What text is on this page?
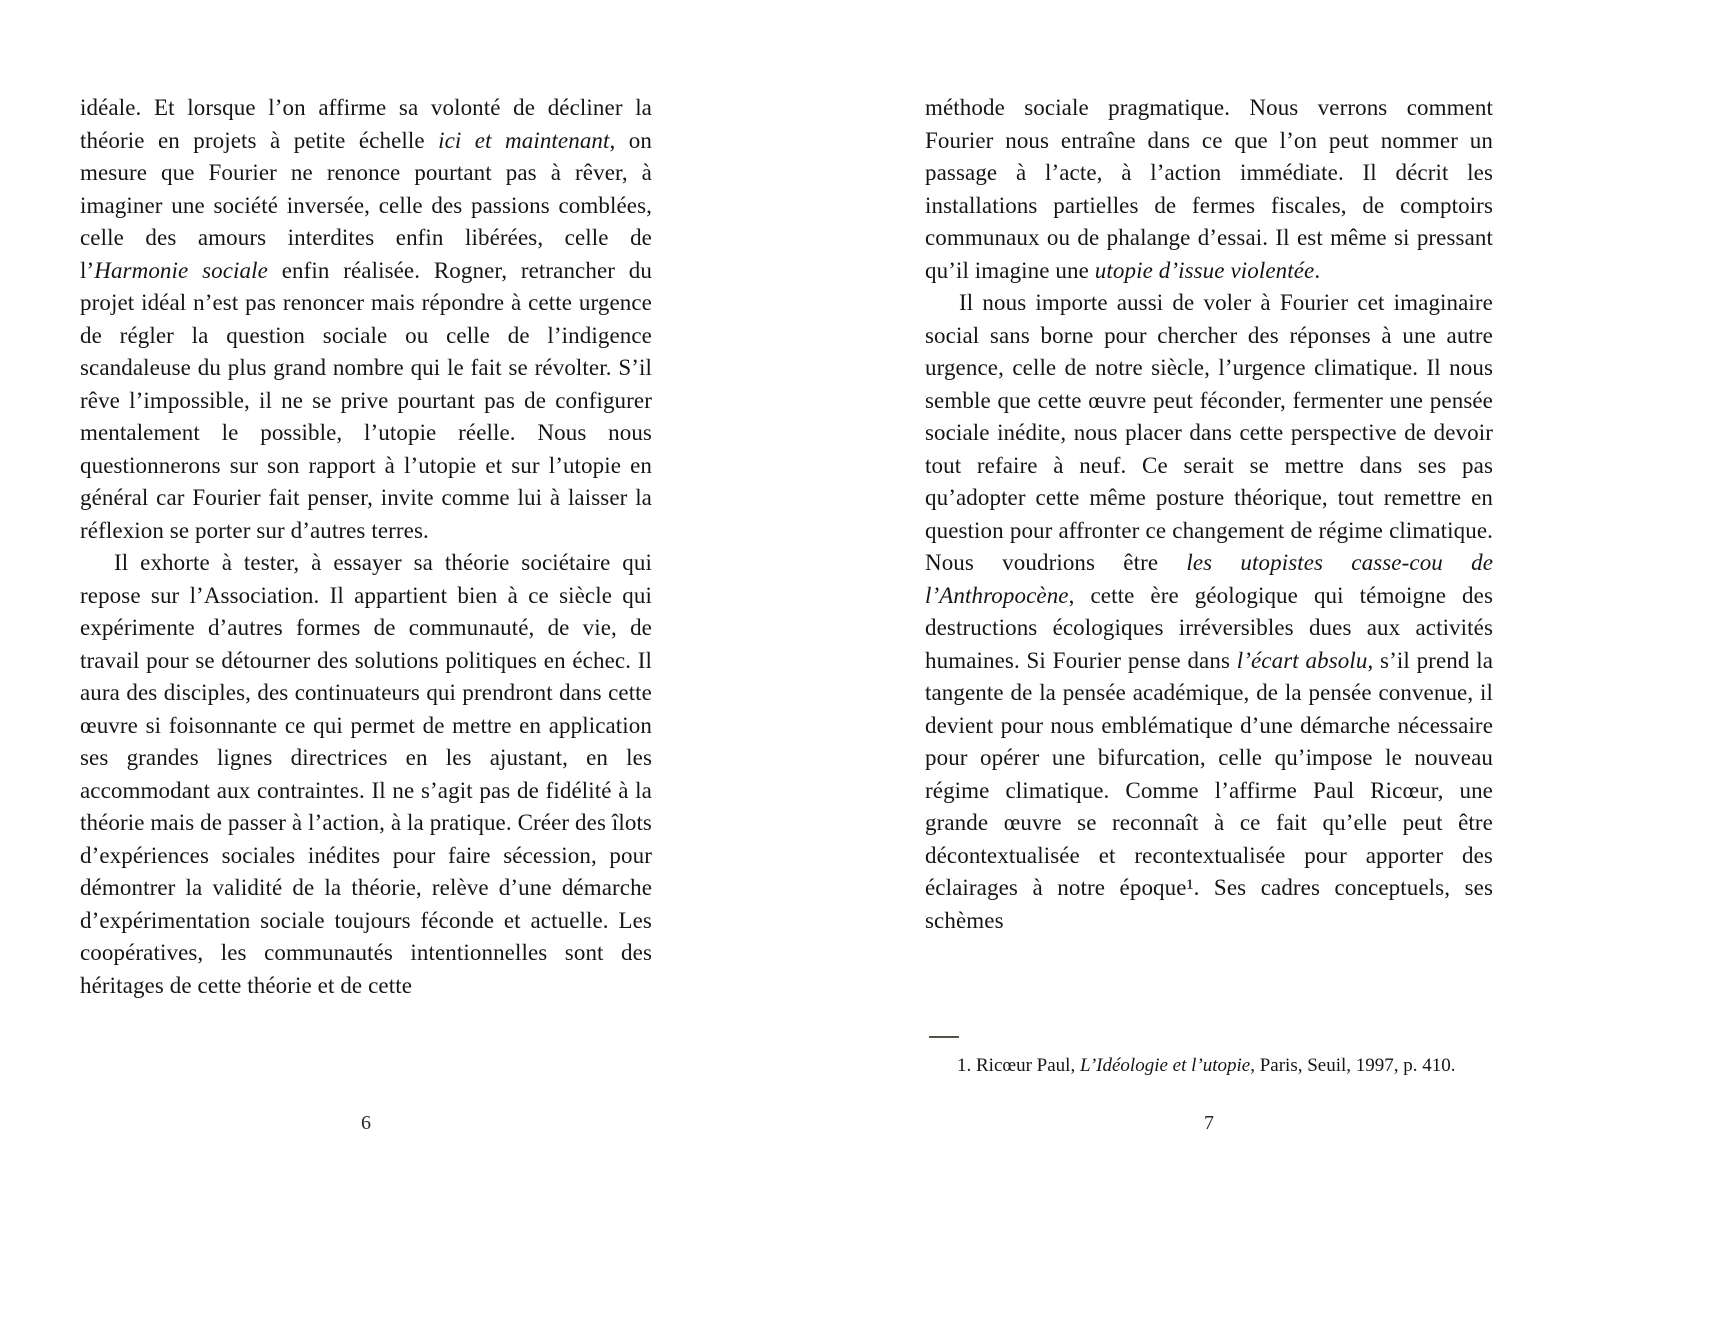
idéale. Et lorsque l’on affirme sa volonté de décliner la théorie en projets à petite échelle ici et maintenant, on mesure que Fourier ne renonce pourtant pas à rêver, à imaginer une société inversée, celle des passions comblées, celle des amours interdites enfin libérées, celle de l’Harmonie sociale enfin réalisée. Rogner, retrancher du projet idéal n’est pas renoncer mais répondre à cette urgence de régler la question sociale ou celle de l’indigence scandaleuse du plus grand nombre qui le fait se révolter. S’il rêve l’impossible, il ne se prive pourtant pas de configurer mentalement le possible, l’utopie réelle. Nous nous questionnerons sur son rapport à l’utopie et sur l’utopie en général car Fourier fait penser, invite comme lui à laisser la réflexion se porter sur d’autres terres.

Il exhorte à tester, à essayer sa théorie sociétaire qui repose sur l’Association. Il appartient bien à ce siècle qui expérimente d’autres formes de communauté, de vie, de travail pour se détourner des solutions politiques en échec. Il aura des disciples, des continuateurs qui prendront dans cette œuvre si foisonnante ce qui permet de mettre en application ses grandes lignes directrices en les ajustant, en les accommodant aux contraintes. Il ne s’agit pas de fidélité à la théorie mais de passer à l’action, à la pratique. Créer des îlots d’expériences sociales inédites pour faire sécession, pour démontrer la validité de la théorie, relève d’une démarche d’expérimentation sociale toujours féconde et actuelle. Les coopératives, les communautés intentionnelles sont des héritages de cette théorie et de cette

6

méthode sociale pragmatique. Nous verrons comment Fourier nous entraîne dans ce que l’on peut nommer un passage à l’acte, à l’action immédiate. Il décrit les installations partielles de fermes fiscales, de comptoirs communaux ou de phalange d’essai. Il est même si pressant qu’il imagine une utopie d’issue violentée.

Il nous importe aussi de voler à Fourier cet imaginaire social sans borne pour chercher des réponses à une autre urgence, celle de notre siècle, l’urgence climatique. Il nous semble que cette œuvre peut féconder, fermenter une pensée sociale inédite, nous placer dans cette perspective de devoir tout refaire à neuf. Ce serait se mettre dans ses pas qu’adopter cette même posture théorique, tout remettre en question pour affronter ce changement de régime climatique. Nous voudrions être les utopistes casse-cou de l’Anthropocène, cette ère géologique qui témoigne des destructions écologiques irréversibles dues aux activités humaines. Si Fourier pense dans l’écart absolu, s’il prend la tangente de la pensée académique, de la pensée convenue, il devient pour nous emblématique d’une démarche nécessaire pour opérer une bifurcation, celle qu’impose le nouveau régime climatique. Comme l’affirme Paul Ricœur, une grande œuvre se reconnaît à ce fait qu’elle peut être décontextualisée et recontextualisée pour apporter des éclairages à notre époque¹. Ses cadres conceptuels, ses schèmes

1. Ricœur Paul, L’Idéologie et l’utopie, Paris, Seuil, 1997, p. 410.

7
